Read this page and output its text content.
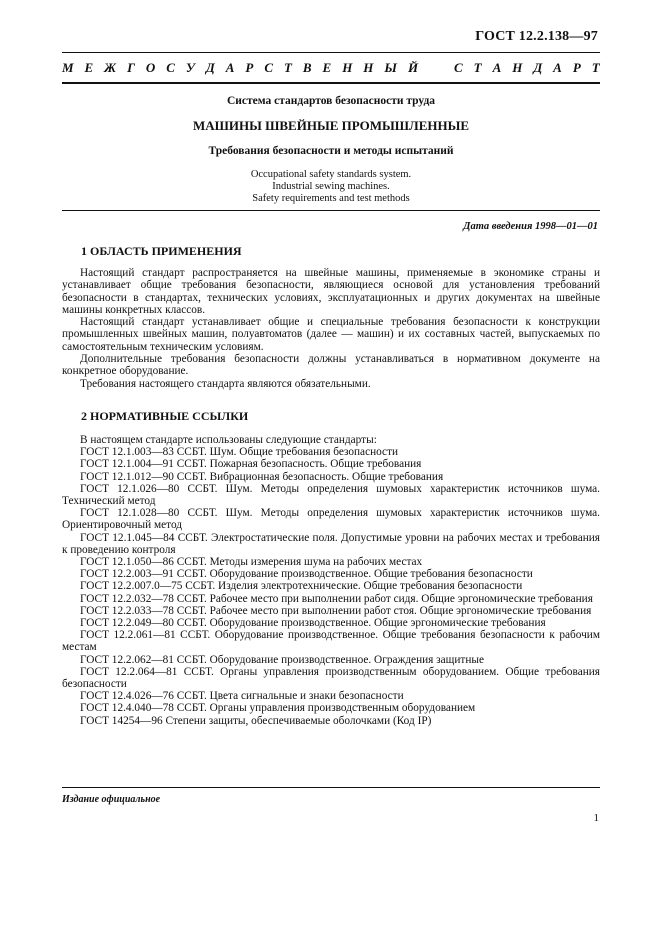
ГОСТ 12.2.138—97
М Е Ж Г О С У Д А Р С Т В Е Н Н Ы Й	С Т А Н Д А Р Т
Система стандартов безопасности труда
МАШИНЫ ШВЕЙНЫЕ ПРОМЫШЛЕННЫЕ
Требования безопасности и методы испытаний
Occupational safety standards system.
Industrial sewing machines.
Safety requirements and test methods
Дата введения 1998—01—01
1 ОБЛАСТЬ ПРИМЕНЕНИЯ

Настоящий стандарт распространяется на швейные машины, применяемые в экономике страны и устанавливает общие требования безопасности, являющиеся основой для установления требований безопасности в стандартах, технических условиях, эксплуатационных и других документах на швейные машины конкретных классов.

Настоящий стандарт устанавливает общие и специальные требования безопасности к конструкции промышленных швейных машин, полуавтоматов (далее — машин) и их составных частей, выпускаемых по самостоятельным техническим условиям.

Дополнительные требования безопасности должны устанавливаться в нормативном документе на конкретное оборудование.

Требования настоящего стандарта являются обязательными.

2 НОРМАТИВНЫЕ ССЫЛКИ

В настоящем стандарте использованы следующие стандарты:

ГОСТ 12.1.003—83 ССБТ. Шум. Общие требования безопасности

ГОСТ 12.1.004—91 ССБТ. Пожарная безопасность. Общие требования

ГОСТ 12.1.012—90 ССБТ. Вибрационная безопасность. Общие требования

ГОСТ 12.1.026—80 ССБТ. Шум. Методы определения шумовых характеристик источников шума. Технический метод

ГОСТ 12.1.028—80 ССБТ. Шум. Методы определения шумовых характеристик источников шума. Ориентировочный метод

ГОСТ 12.1.045—84 ССБТ. Электростатические поля. Допустимые уровни на рабочих местах и требования к проведению контроля

ГОСТ 12.1.050—86 ССБТ. Методы измерения шума на рабочих местах

ГОСТ 12.2.003—91 ССБТ. Оборудование производственное. Общие требования безопасности

ГОСТ 12.2.007.0—75 ССБТ. Изделия электротехнические. Общие требования безопасности

ГОСТ 12.2.032—78 ССБТ. Рабочее место при выполнении работ сидя. Общие эргономические требования

ГОСТ 12.2.033—78 ССБТ. Рабочее место при выполнении работ стоя. Общие эргономические требования

ГОСТ 12.2.049—80 ССБТ. Оборудование производственное. Общие эргономические требования

ГОСТ 12.2.061—81 ССБТ. Оборудование производственное. Общие требования безопасности к рабочим местам

ГОСТ 12.2.062—81 ССБТ. Оборудование производственное. Ограждения защитные

ГОСТ 12.2.064—81 ССБТ. Органы управления производственным оборудованием. Общие требования безопасности

ГОСТ 12.4.026—76 ССБТ. Цвета сигнальные и знаки безопасности

ГОСТ 12.4.040—78 ССБТ. Органы управления производственным оборудованием

ГОСТ 14254—96 Степени защиты, обеспечиваемые оболочками (Код IP)

Издание официальное
1
